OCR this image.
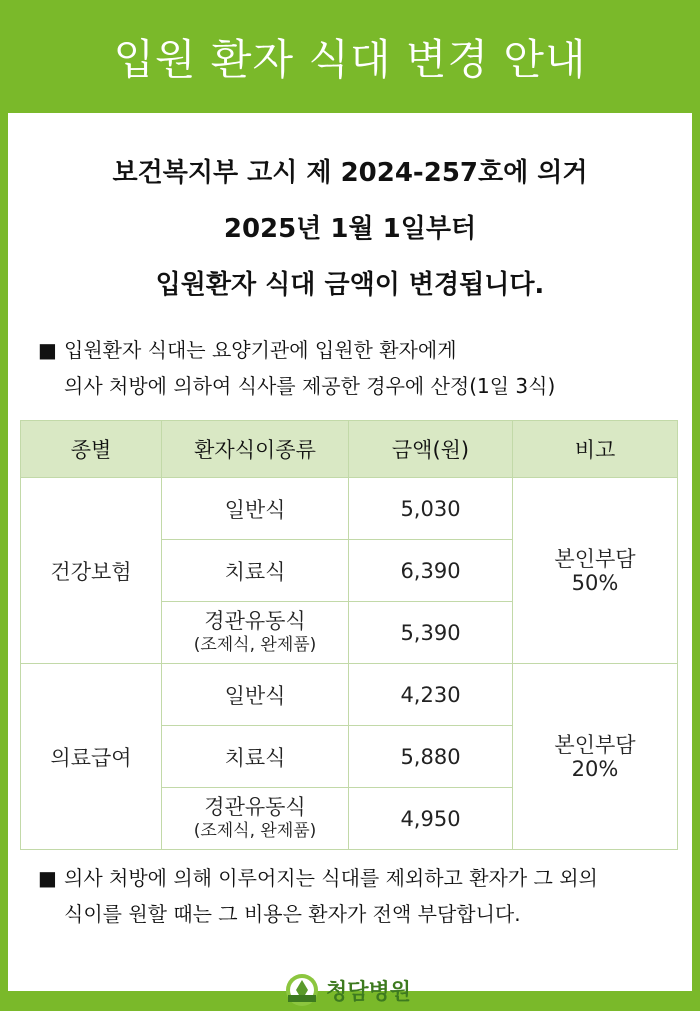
입원 환자 식대 변경 안내

보건복지부 고시 제 2024-257호에 의거

2025년 1월 1일부터

입원환자 식대 금액이 변경됩니다.

■ 입원환자 식대는 요양기관에 입원한 환자에게
의사 처방에 의하여 식사를 제공한 경우에 산정(1일 3식)
종별	환자식이종류	금액(원)	비고
건강보험	일반식	5,030	본인부담
50%

	치료식	6,390	

	경관유동식
(조제식, 완제품)	5,390	
의료급여	일반식	4,230	본인부담
20%

	치료식	5,880	

	경관유동식
(조제식, 완제품)	4,950	
■ 의사 처방에 의해 이루어지는 식대를 제외하고 환자가 그 외의
식이를 원할 때는 그 비용은 환자가 전액 부담합니다.
청담병원
